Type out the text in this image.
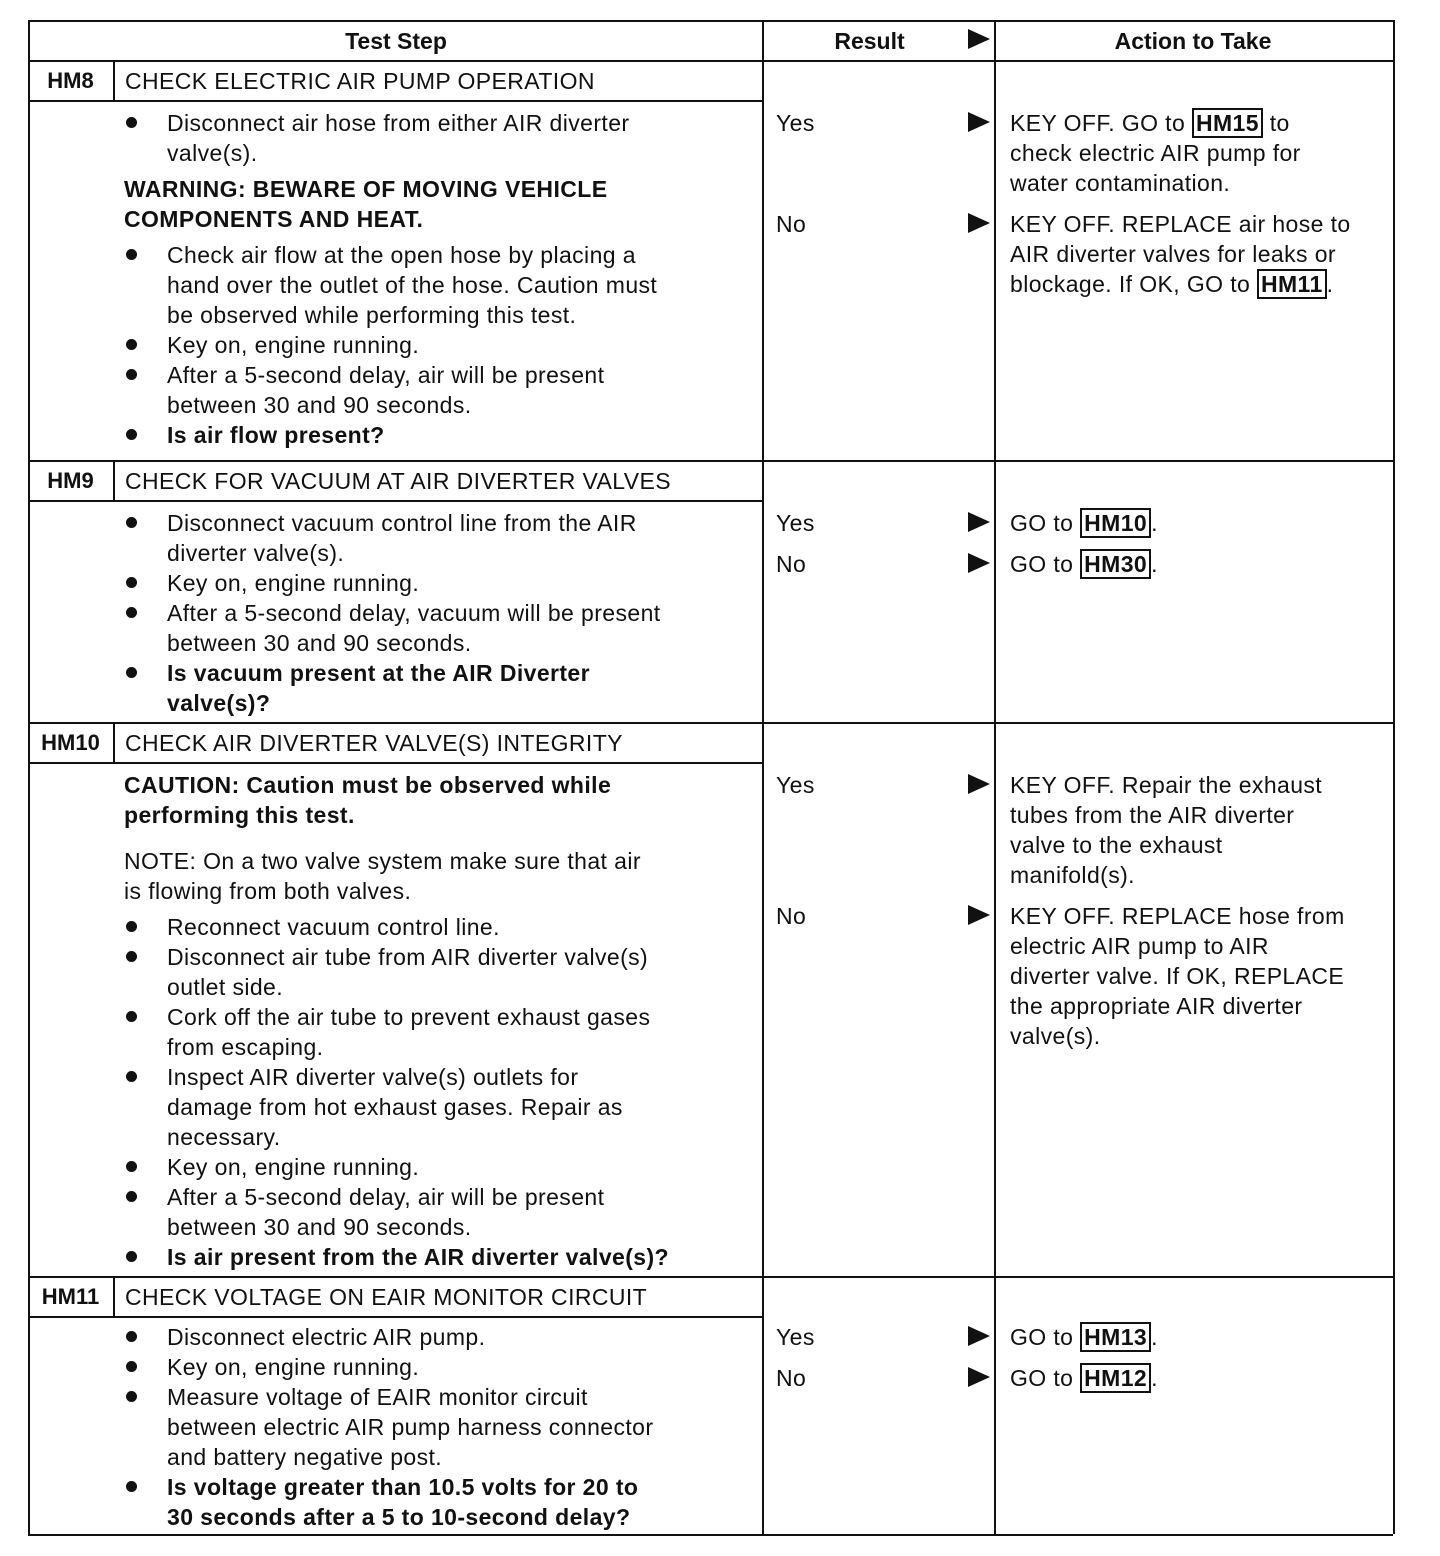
Test Step	Result	Action to Take
HM8	CHECK ELECTRIC AIR PUMP OPERATION
Disconnect air hose from either AIR diverter
valve(s).
WARNING: BEWARE OF MOVING VEHICLE
COMPONENTS AND HEAT.
Check air flow at the open hose by placing a
hand over the outlet of the hose. Caution must
be observed while performing this test.
Key on, engine running.
After a 5-second delay, air will be present
between 30 and 90 seconds.
Is air flow present?
Yes	KEY OFF. GO to HM15 to
check electric AIR pump for
water contamination.
No	KEY OFF. REPLACE air hose to
AIR diverter valves for leaks or
blockage. If OK, GO to HM11 .
HM9	CHECK FOR VACUUM AT AIR DIVERTER VALVES
Disconnect vacuum control line from the AIR
diverter valve(s).
Key on, engine running.
After a 5-second delay, vacuum will be present
between 30 and 90 seconds.
Is vacuum present at the AIR Diverter
valve(s)?
Yes	GO to HM10 .
No	GO to HM30 .
HM10	CHECK AIR DIVERTER VALVE(S) INTEGRITY
CAUTION: Caution must be observed while
performing this test.
NOTE: On a two valve system make sure that air
is flowing from both valves.
Reconnect vacuum control line.
Disconnect air tube from AIR diverter valve(s)
outlet side.
Cork off the air tube to prevent exhaust gases
from escaping.
Inspect AIR diverter valve(s) outlets for
damage from hot exhaust gases. Repair as
necessary.
Key on, engine running.
After a 5-second delay, air will be present
between 30 and 90 seconds.
Is air present from the AIR diverter valve(s)?
Yes	KEY OFF. Repair the exhaust
tubes from the AIR diverter
valve to the exhaust
manifold(s).
No	KEY OFF. REPLACE hose from
electric AIR pump to AIR
diverter valve. If OK, REPLACE
the appropriate AIR diverter
valve(s).
HM11	CHECK VOLTAGE ON EAIR MONITOR CIRCUIT
Disconnect electric AIR pump.
Key on, engine running.
Measure voltage of EAIR monitor circuit
between electric AIR pump harness connector
and battery negative post.
Is voltage greater than 10.5 volts for 20 to
30 seconds after a 5 to 10-second delay?
Yes	GO to HM13 .
No	GO to HM12 .
